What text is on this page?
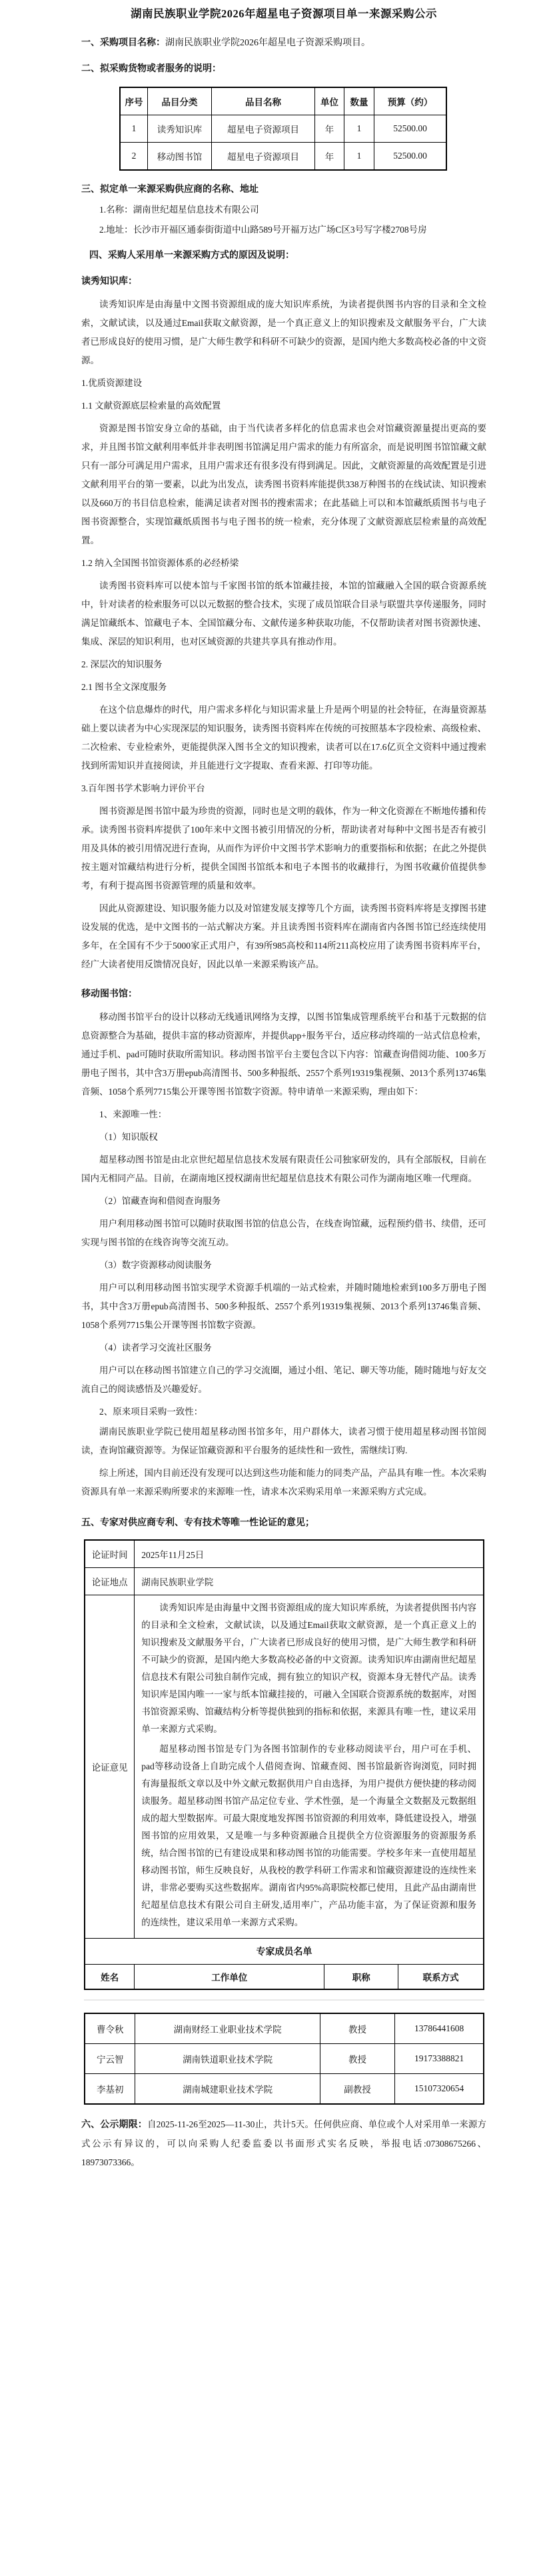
湖南民族职业学院2026年超星电子资源项目单一来源采购公示
一、采购项目名称：湖南民族职业学院2026年超星电子资源采购项目。
二、拟采购货物或者服务的说明：
序号	品目分类	品目名称	单位	数量	预算（约）
1	读秀知识库	超星电子资源项目	年	1	52500.00
2	移动图书馆	超星电子资源项目	年	1	52500.00
三、拟定单一来源采购供应商的名称、地址

1.名称：湖南世纪超星信息技术有限公司

2.地址：长沙市开福区通泰街街道中山路589号开福万达广场C区3号写字楼2708号房

四、采购人采用单一来源采购方式的原因及说明：
读秀知识库：

读秀知识库是由海量中文图书资源组成的庞大知识库系统，为读者提供图书内容的目录和全文检索，文献试读，以及通过Email获取文献资源，是一个真正意义上的知识搜索及文献服务平台，广大读者已形成良好的使用习惯，是广大师生教学和科研不可缺少的资源，是国内绝大多数高校必备的中文资源。

1.优质资源建设
1.1 文献资源底层检索量的高效配置

资源是图书馆安身立命的基础，由于当代读者多样化的信息需求也会对馆藏资源量提出更高的要求，并且图书馆文献利用率低并非表明图书馆满足用户需求的能力有所富余，而是说明图书馆馆藏文献只有一部分可满足用户需求，且用户需求还有很多没有得到满足。因此，文献资源量的高效配置是引进文献利用平台的第一要素，以此为出发点，读秀图书资料库能提供338万种图书的在线试读、知识搜索以及660万的书目信息检索，能满足读者对图书的搜索需求；在此基础上可以和本馆藏纸质图书与电子图书资源整合，实现馆藏纸质图书与电子图书的统一检索，充分体现了文献资源底层检索量的高效配置。

1.2 纳入全国图书馆资源体系的必经桥梁

读秀图书资料库可以使本馆与千家图书馆的纸本馆藏挂接，本馆的馆藏融入全国的联合资源系统中，针对读者的检索服务可以以元数据的整合技术，实现了成员馆联合目录与联盟共享传递服务，同时满足馆藏纸本、馆藏电子本、全国馆藏分布、文献传递多种获取功能，不仅帮助读者对图书资源快速、集成、深层的知识利用，也对区域资源的共建共享具有推动作用。

2. 深层次的知识服务
2.1 图书全文深度服务

在这个信息爆炸的时代，用户需求多样化与知识需求量上升是两个明显的社会特征，在海量资源基础上要以读者为中心实现深层的知识服务，读秀图书资料库在传统的可按照基本字段检索、高级检索、二次检索、专业检索外，更能提供深入图书全文的知识搜索，读者可以在17.6亿页全文资料中通过搜索找到所需知识并直接阅读，并且能进行文字提取、查看来源、打印等功能。

3.百年图书学术影响力评价平台

图书资源是图书馆中最为珍贵的资源，同时也是文明的载体，作为一种文化资源在不断地传播和传承。读秀图书资料库提供了100年来中文图书被引用情况的分析，帮助读者对每种中文图书是否有被引用及具体的被引用情况进行查询，从而作为评价中文图书学术影响力的重要指标和依据；在此之外提供按主题对馆藏结构进行分析，提供全国图书馆纸本和电子本图书的收藏排行，为图书收藏价值提供参考，有利于提高图书资源管理的质量和效率。

因此从资源建设、知识服务能力以及对馆建发展支撑等几个方面，读秀图书资料库将是支撑图书建设发展的优选，是中文图书的一站式解决方案。并且读秀图书资料库在湖南省内各图书馆已经连续使用多年，在全国有不少于5000家正式用户，有39所985高校和114所211高校应用了读秀图书资料库平台，经广大读者使用反馈情况良好，因此以单一来源采购该产品。

移动图书馆：

移动图书馆平台的设计以移动无线通讯网络为支撑，以图书馆集成管理系统平台和基于元数据的信息资源整合为基础，提供丰富的移动资源库，并提供app+服务平台，适应移动终端的一站式信息检索，通过手机、pad可随时获取所需知识。移动图书馆平台主要包含以下内容：馆藏查询借阅功能、100多万册电子图书，其中含3万册epub高清图书、500多种报纸、2557个系列19319集视频、2013个系列13746集音频、1058个系列7715集公开课等图书馆数字资源。特申请单一来源采购，理由如下：

1、来源唯一性：
（1）知识版权

超星移动图书馆是由北京世纪超星信息技术发展有限责任公司独家研发的，具有全部版权，目前在国内无相同产品。目前，在湖南地区授权湖南世纪超星信息技术有限公司作为湖南地区唯一代理商。

（2）馆藏查询和借阅查询服务

用户利用移动图书馆可以随时获取图书馆的信息公告，在线查询馆藏，远程预约借书、续借，还可实现与图书馆的在线咨询等交流互动。

（3）数字资源移动阅读服务

用户可以利用移动图书馆实现学术资源手机端的一站式检索，并随时随地检索到100多万册电子图书，其中含3万册epub高清图书、500多种报纸、2557个系列19319集视频、2013个系列13746集音频、1058个系列7715集公开课等图书馆数字资源。

（4）读者学习交流社区服务

用户可以在移动图书馆建立自己的学习交流圈，通过小组、笔记、聊天等功能，随时随地与好友交流自己的阅读感悟及兴趣爱好。

2、原来项目采购一致性：

湖南民族职业学院已使用超星移动图书馆多年，用户群体大，读者习惯于使用超星移动图书馆阅读，查询馆藏资源等。为保证馆藏资源和平台服务的延续性和一致性，需继续订购.

综上所述，国内目前还没有发现可以达到这些功能和能力的同类产品，产品具有唯一性。本次采购资源具有单一来源采购所要求的来源唯一性，请求本次采购采用单一来源采购方式完成。

五、专家对供应商专利、专有技术等唯一性论证的意见；
论证时间	2025年11月25日		
论证地点	湖南民族职业学院		
论证意见	读秀知识库是由海量中文图书资源组成的庞大知识库系统，为读者提供图书内容的目录和全文检索，文献试读，以及通过Email获取文献资源，是一个真正意义上的知识搜索及文献服务平台，广大读者已形成良好的使用习惯，是广大师生教学和科研不可缺少的资源，是国内绝大多数高校必备的中文资源。读秀知识库由湖南世纪超星信息技术有限公司独自制作完成，拥有独立的知识产权，资源本身无替代产品。读秀知识库是国内唯一一家与纸本馆藏挂接的，可融入全国联合资源系统的数据库，对图书馆资源采购、馆藏结构分析等提供独到的指标和依据，来源具有唯一性，建议采用单一来源方式采购。

超星移动图书馆是专门为各图书馆制作的专业移动阅读平台，用户可在手机、pad等移动设备上自助完成个人借阅查询、馆藏查阅、图书馆最新咨询浏览，同时拥有海量报纸文章以及中外文献元数据供用户自由选择，为用户提供方便快捷的移动阅读服务。超星移动图书馆产品定位专业、学术性强，是一个海量全文数据及元数据组成的超大型数据库。可最大限度地发挥图书馆资源的利用效率，降低建设投入，增强图书馆的应用效果，又是唯一与多种资源融合且提供全方位资源服务的资源服务系统，结合图书馆的已有建设成果和移动图书馆的功能需要。学校多年来一直使用超星移动图书馆，师生反映良好，从我校的教学科研工作需求和馆藏资源建设的连续性来讲，非常必要购买这些数据库。湖南省内95%高职院校都已使用，且此产品由湖南世纪超星信息技术有限公司自主研发,适用率广，产品功能丰富，为了保证资源和服务的连续性，建议采用单一来源方式采购。		

专家成员名单			
姓名	工作单位	职称	联系方式
曹令秋	湖南财经工业职业技术学院	教授	13786441608
宁云智	湖南铁道职业技术学院	教授	19173388821
李基初	湖南城建职业技术学院	副教授	15107320654

六、公示期限：自2025-11-26至2025—11-30止，共计5天。任何供应商、单位或个人对采用单一来源方式公示有异议的，可以向采购人纪委监委以书面形式实名反映，举报电话:07308675266、18973073366。
